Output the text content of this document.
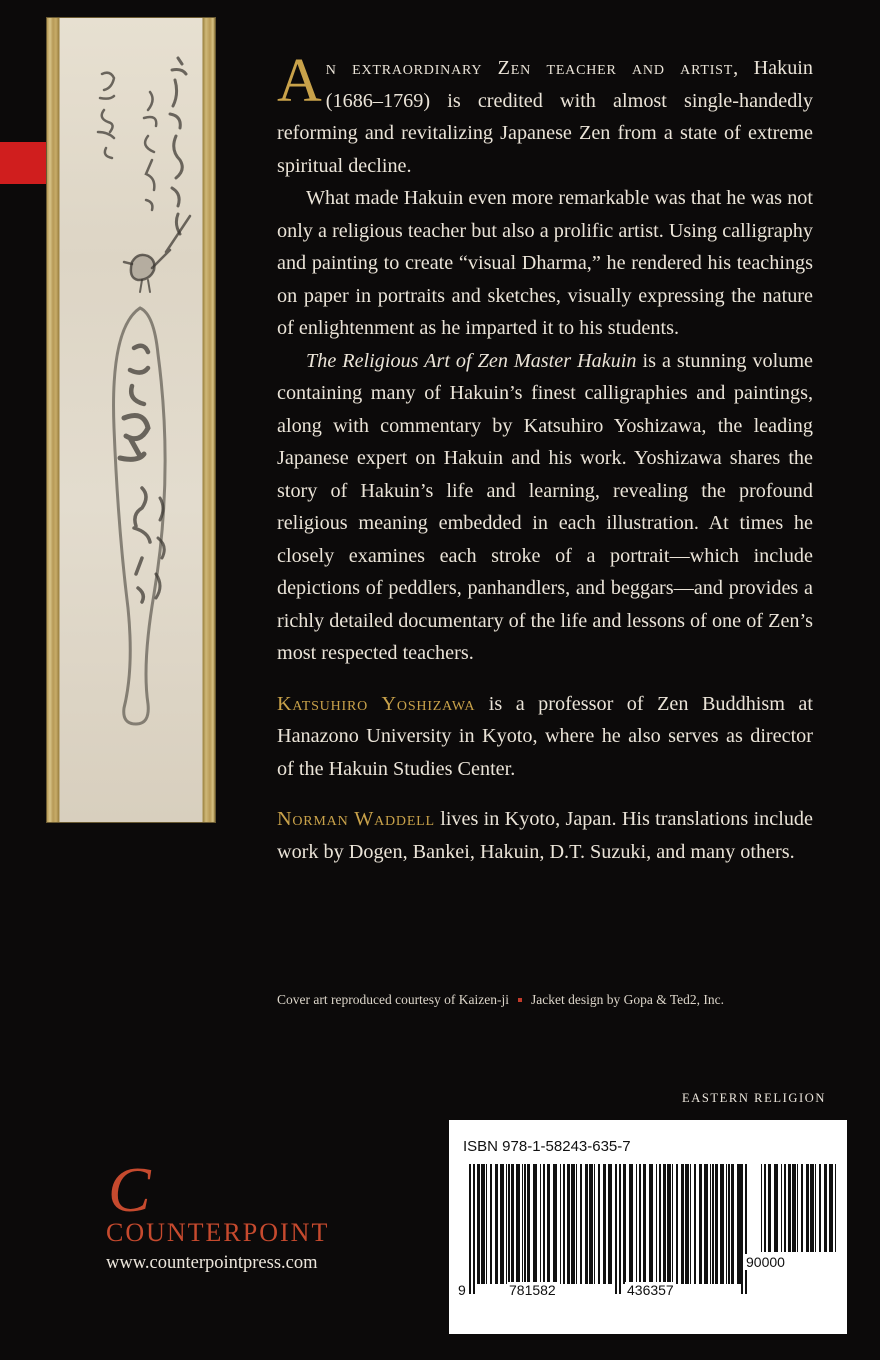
An extraordinary Zen teacher and artist, Hakuin (1686–1769) is credited with almost single-handedly reforming and revitalizing Japanese Zen from a state of extreme spiritual decline.

What made Hakuin even more remarkable was that he was not only a religious teacher but also a prolific artist. Using calligraphy and painting to create “visual Dharma,” he rendered his teachings on paper in portraits and sketches, visually expressing the nature of enlightenment as he imparted it to his students.

The Religious Art of Zen Master Hakuin is a stunning volume containing many of Hakuin’s finest calligraphies and paintings, along with commentary by Katsuhiro Yoshizawa, the leading Japanese expert on Hakuin and his work. Yoshizawa shares the story of Hakuin’s life and learning, revealing the profound religious meaning embedded in each illustration. At times he closely examines each stroke of a portrait—which include depictions of peddlers, panhandlers, and beggars—and provides a richly detailed documentary of the life and lessons of one of Zen’s most respected teachers.

Katsuhiro Yoshizawa is a professor of Zen Buddhism at Hanazono University in Kyoto, where he also serves as director of the Hakuin Studies Center.

Norman Waddell lives in Kyoto, Japan. His translations include work by Dogen, Bankei, Hakuin, D.T. Suzuki, and many others.

Cover art reproduced courtesy of Kaizen-ji Jacket design by Gopa & Ted2, Inc.
EASTERN RELIGION
ISBN 978-1-58243-635-7
9	781582	436357
90000
C
COUNTERPOINT
www.counterpointpress.com
